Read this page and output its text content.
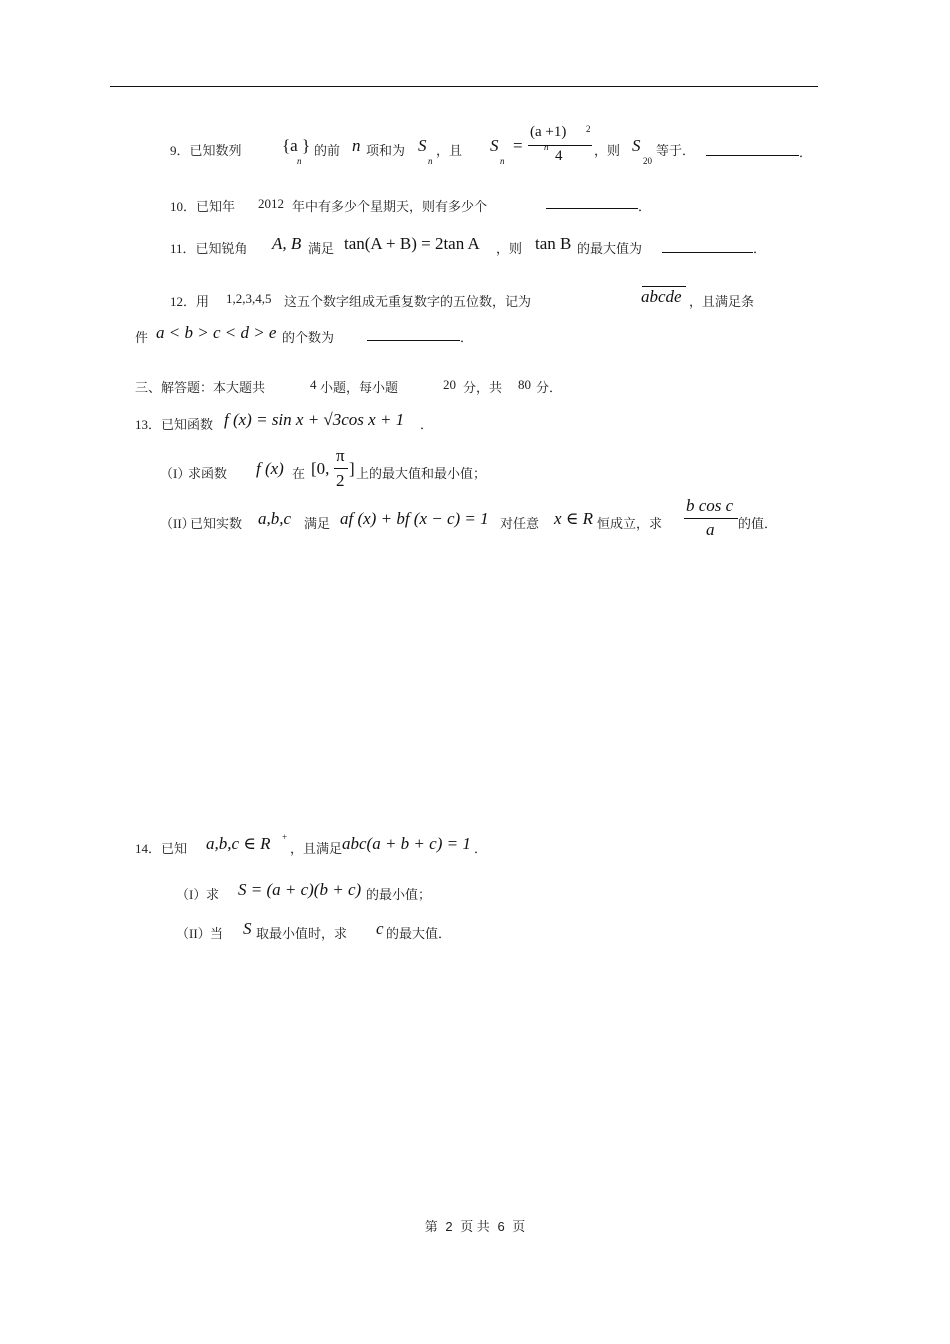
9．已知数列 {a }
n
的前 n 项和为 S
n
，且 S
n
=
(a +1)
n
2
4 ，则 S
20
等于．	．
10．已知年 2012 年中有多少个星期天，则有多少个	．
11．已知锐角 A, B 满足 tan(A + B) = 2tan A ，则 tan B 的最大值为	．
12．用 1,2,3,4,5 这五个数字组成无重复数字的五位数，记为	abcde ，且满足条
件 a < b > c < d > e 的个数为	．
三、解答题：本大题共	4 小题，每小题	20 分，共 80 分．
13．已知函数 f (x) = sin x + √3cos x + 1 ．
（I）
求函数 f (x) 在 [0,
π
2
] 上的最大值和最小值；
（II）
已知实数 a,b,c 满足 af (x) + bf (x − c) = 1 对任意 x ∈ R 恒成立，求
b cos c
a 的值．
14．已知 a,b,c ∈ R +
，且满足 abc(a + b + c) = 1 ．
（I） 求 S = (a + c)(b + c) 的最小值；
（II） 当 S 取最小值时，求 c 的最大值．
第 2 页 共 6 页
